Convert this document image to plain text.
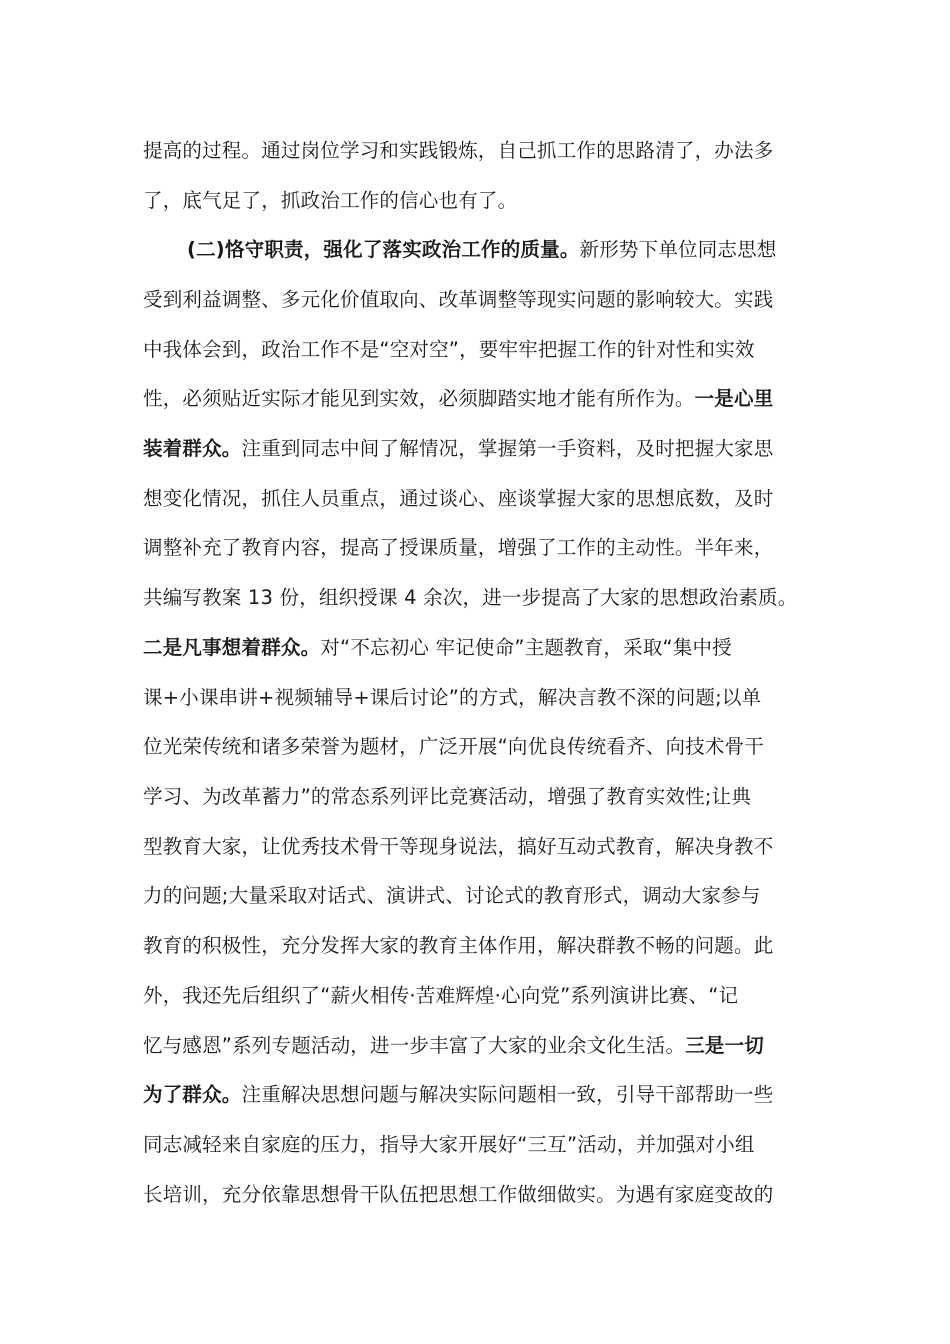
提高的过程。通过岗位学习和实践锻炼，自己抓工作的思路清了，办法多
了，底气足了，抓政治工作的信心也有了。
(二)恪守职责，强化了落实政治工作的质量。新形势下单位同志思想
受到利益调整、多元化价值取向、改革调整等现实问题的影响较大。实践
中我体会到，政治工作不是“空对空”，要牢牢把握工作的针对性和实效
性，必须贴近实际才能见到实效，必须脚踏实地才能有所作为。一是心里
装着群众。注重到同志中间了解情况，掌握第一手资料，及时把握大家思
想变化情况，抓住人员重点，通过谈心、座谈掌握大家的思想底数，及时
调整补充了教育内容，提高了授课质量，增强了工作的主动性。半年来，
共编写教案 13 份，组织授课 4 余次，进一步提高了大家的思想政治素质。
二是凡事想着群众。对“不忘初心 牢记使命”主题教育，采取“集中授
课+小课串讲+视频辅导+课后讨论”的方式，解决言教不深的问题;以单
位光荣传统和诸多荣誉为题材，广泛开展“向优良传统看齐、向技术骨干
学习、为改革蓄力”的常态系列评比竞赛活动，增强了教育实效性;让典
型教育大家，让优秀技术骨干等现身说法，搞好互动式教育，解决身教不
力的问题;大量采取对话式、演讲式、讨论式的教育形式，调动大家参与
教育的积极性，充分发挥大家的教育主体作用，解决群教不畅的问题。此
外，我还先后组织了“薪火相传·苦难辉煌·心向党”系列演讲比赛、“记
忆与感恩”系列专题活动，进一步丰富了大家的业余文化生活。三是一切
为了群众。注重解决思想问题与解决实际问题相一致，引导干部帮助一些
同志减轻来自家庭的压力，指导大家开展好“三互”活动，并加强对小组
长培训，充分依靠思想骨干队伍把思想工作做细做实。为遇有家庭变故的
